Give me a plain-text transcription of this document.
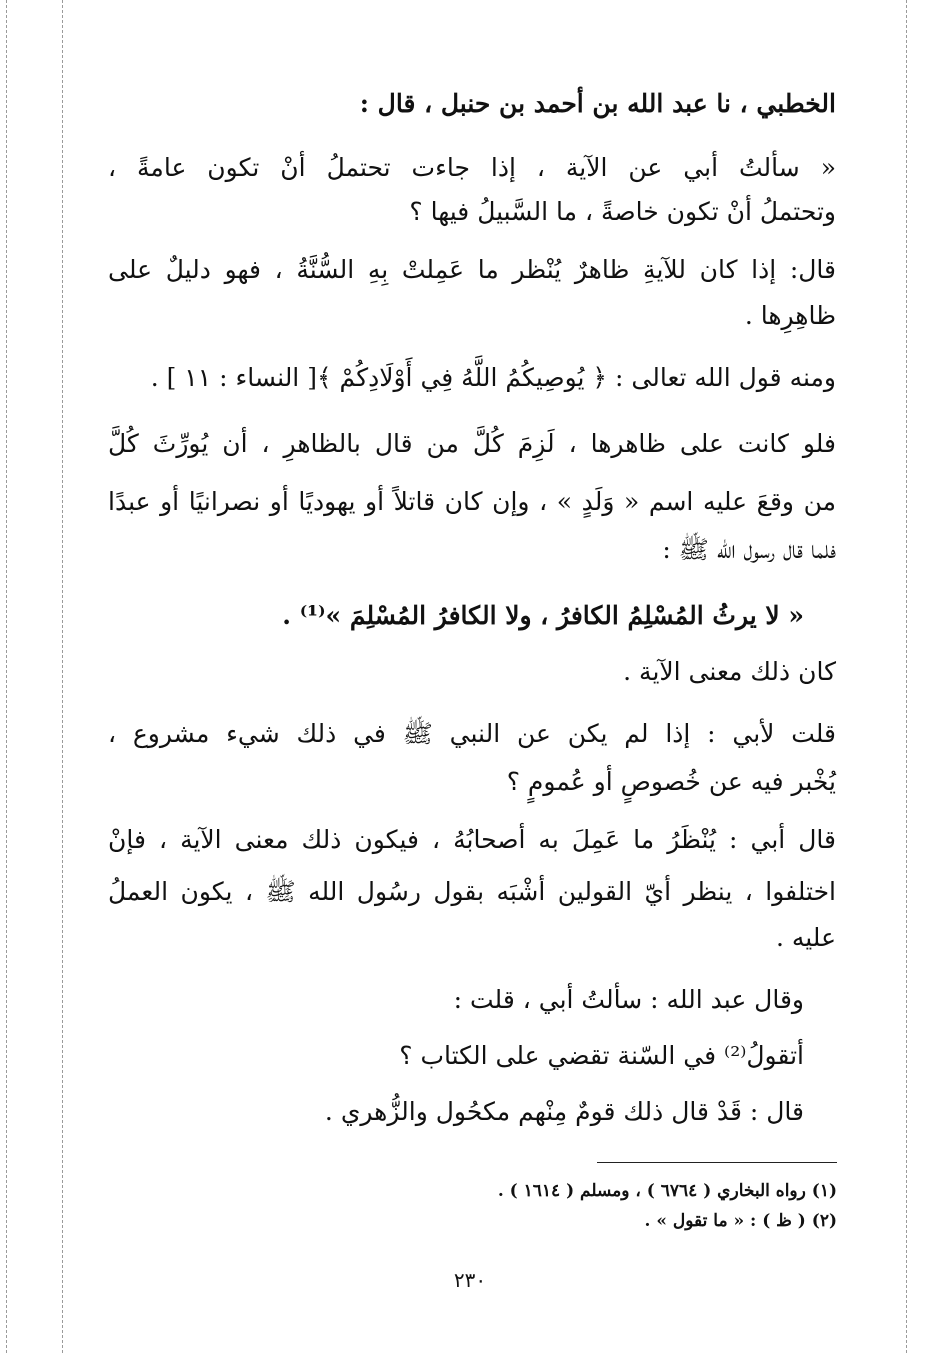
الخطبي ، نا عبد الله بن أحمد بن حنبل ، قال :
« سألتُ أبي عن الآية ، إذا جاءت تحتملُ أنْ تكون عامةً ،
وتحتملُ أنْ تكون خاصةً ، ما السَّبيلُ فيها ؟
قال: إذا كان للآيةِ ظاهرٌ يُنْظر ما عَمِلتْ بِهِ السُّنَّةُ ، فهو دليلٌ على
ظاهِرِها .
ومنه قول الله تعالى : ﴿ يُوصِيكُمُ اللَّهُ فِي أَوْلَادِكُمْ ﴾[ النساء : ١١ ] .
فلو كانت على ظاهرها ، لَزِمَ كُلَّ من قال بالظاهرِ ، أن يُورِّثَ كُلَّ
من وقعَ عليه اسم « وَلَدٍ » ، وإن كان قاتلاً أو يهوديًا أو نصرانيًا أو عبدًا
فلما قال رسول الله ﷺ :
« لا يرثُ المُسْلِمُ الكافرُ ، ولا الكافرُ المُسْلِمَ »⁽¹⁾ .
كان ذلك معنى الآية .
قلت لأبي : إذا لم يكن عن النبي ﷺ في ذلك شيء مشروع ،
يُخْبر فيه عن خُصوصٍ أو عُمومٍ ؟
قال أبي : يُنْظَرُ ما عَمِلَ به أصحابُهُ ، فيكون ذلك معنى الآية ، فإنْ
اختلفوا ، ينظر أيّ القولين أشْبَه بقول رسُول الله ﷺ ، يكون العملُ
عليه .
وقال عبد الله : سألتُ أبي ، قلت :
أتقولُ⁽²⁾ في السّنة تقضي على الكتاب ؟
قال : قَدْ قال ذلك قومٌ مِنْهم مكحُول والزُّهري .
(١) رواه البخاري ( ٦٧٦٤ ) ، ومسلم ( ١٦١٤ ) .
(٢) ( ظ ) : « ما تقول » .
٢٣٠
